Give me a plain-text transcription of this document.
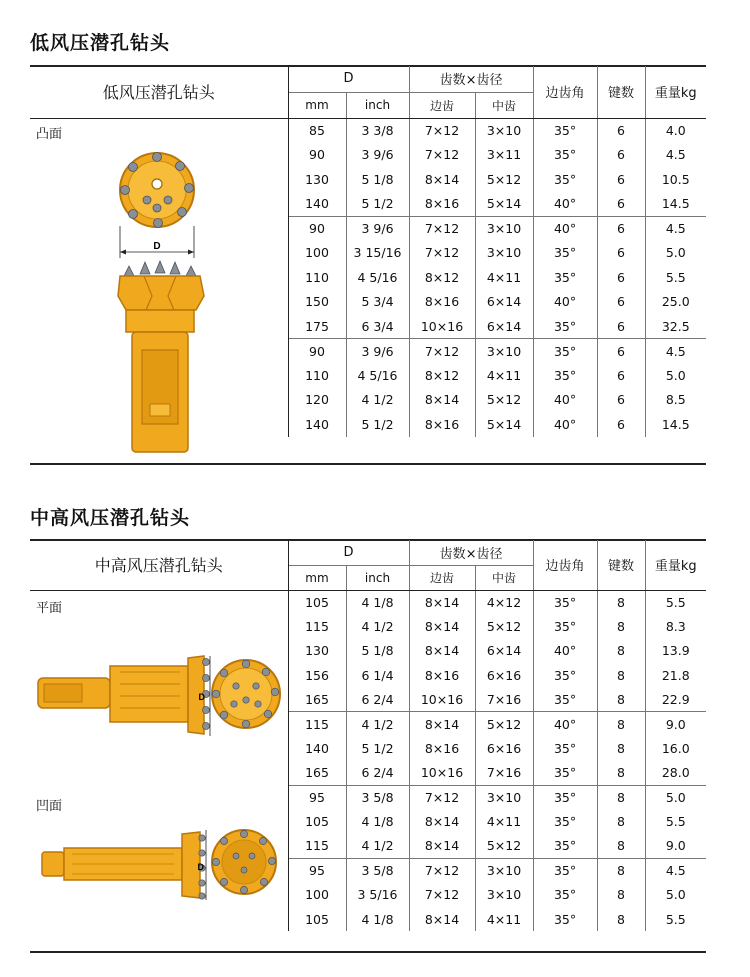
低风压潜孔钻头
低风压潜孔钻头	D		齿数×齿径		边齿角	键数	重量kg
	mm	inch	边齿	中齿			
	85	3 3/8	7×12	3×10	35°	6	4.0
	90	3 9/6	7×12	3×11	35°	6	4.5
	130	5 1/8	8×14	5×12	35°	6	10.5
	140	5 1/2	8×16	5×14	40°	6	14.5
	90	3 9/6	7×12	3×10	40°	6	4.5
	100	3 15/16	7×12	3×10	35°	6	5.0
	110	4 5/16	8×12	4×11	35°	6	5.5
	150	5 3/4	8×16	6×14	40°	6	25.0
	175	6 3/4	10×16	6×14	35°	6	32.5
	90	3 9/6	7×12	3×10	35°	6	4.5
	110	4 5/16	8×12	4×11	35°	6	5.0
	120	4 1/2	8×14	5×12	40°	6	8.5
	140	5 1/2	8×16	5×14	40°	6	14.5
凸面
D
中高风压潜孔钻头
中高风压潜孔钻头	D		齿数×齿径		边齿角	键数	重量kg
	mm	inch	边齿	中齿			
	105	4 1/8	8×14	4×12	35°	8	5.5
	115	4 1/2	8×14	5×12	35°	8	8.3
	130	5 1/8	8×14	6×14	40°	8	13.9
	156	6 1/4	8×16	6×16	35°	8	21.8
	165	6 2/4	10×16	7×16	35°	8	22.9
	115	4 1/2	8×14	5×12	40°	8	9.0
	140	5 1/2	8×16	6×16	35°	8	16.0
	165	6 2/4	10×16	7×16	35°	8	28.0
	95	3 5/8	7×12	3×10	35°	8	5.0
	105	4 1/8	8×14	4×11	35°	8	5.5
	115	4 1/2	8×14	5×12	35°	8	9.0
	95	3 5/8	7×12	3×10	35°	8	4.5
	100	3 5/16	7×12	3×10	35°	8	5.0
	105	4 1/8	8×14	4×11	35°	8	5.5
平面
凹面
D
D
